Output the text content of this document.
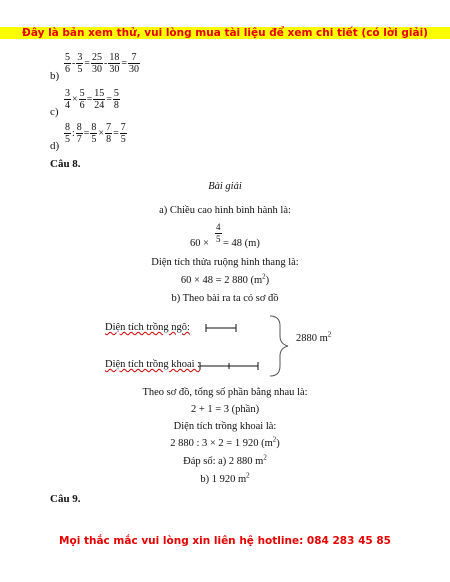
Đây là bản xem thử, vui lòng mua tài liệu để xem chi tiết (có lời giải)
b)
$\frac{5}{6} - \frac{3}{5} = \frac{25}{30} - \frac{18}{30} = \frac{7}{30}$
c)
$\frac{3}{4} \times \frac{5}{6} = \frac{15}{24} = \frac{5}{8}$
d)
$\frac{8}{5}$ : $\frac{8}{7} = \frac{8}{5} \times \frac{7}{8} = \frac{7}{5}$
Câu 8.
Bài giải
a) Chiều cao hình bình hành là:
$60 \times \frac{4}{5} = 48$ (m)
Diện tích thửa ruộng hình thang là:
60 × 48 = 2 880 $(m^2)$
b) Theo bài ra ta có sơ đồ
Diện tích trồng ngô:
Diện tích trồng khoai :
2880 $m^2$
Theo sơ đồ, tổng số phần bằng nhau là:
2 + 1 = 3 (phần)
Diện tích trồng khoai là:
2 880 : 3 × 2 = 1 920 $(m^2)$
Đáp số: a) 2 880 $m^2$
b) 1 920 $m^2$
Câu 9.
Mọi thắc mắc vui lòng xin liên hệ hotline: 084 283 45 85
